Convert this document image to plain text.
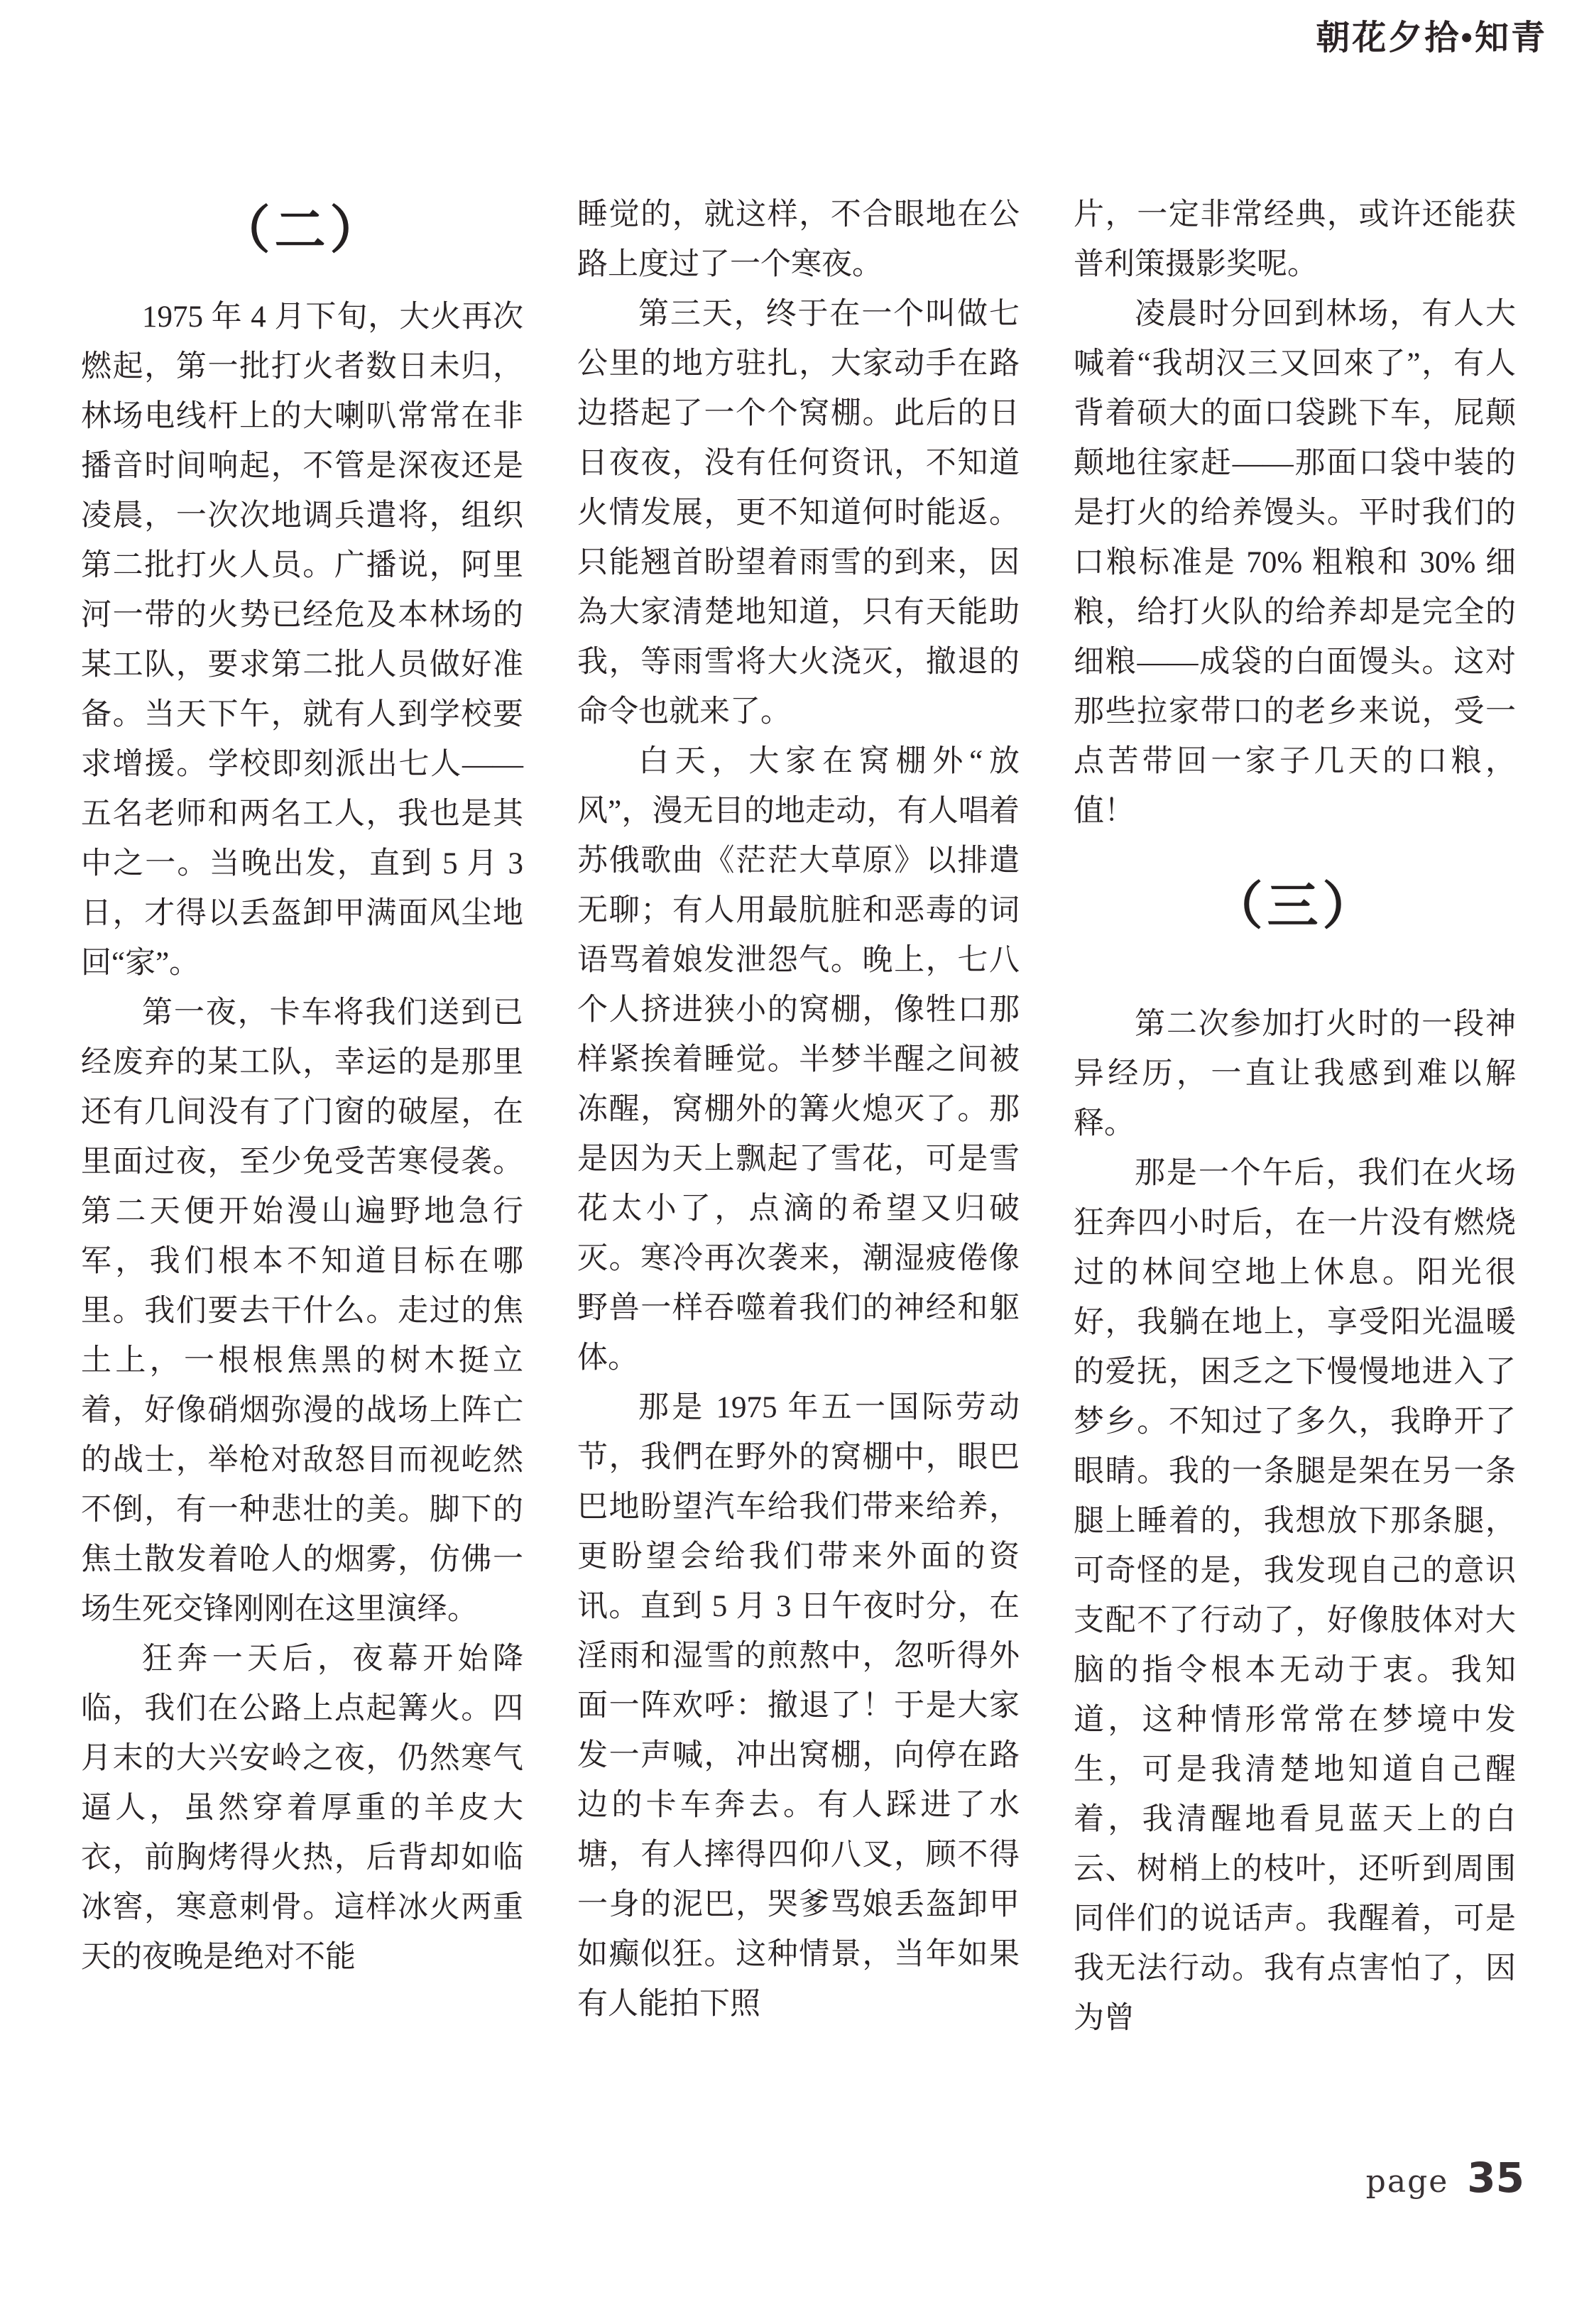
朝花夕拾•知青
（二）

1975 年 4 月下旬，大火再次燃起，第一批打火者数日未归，林场电线杆上的大喇叭常常在非播音时间响起，不管是深夜还是凌晨，一次次地调兵遣将，组织第二批打火人员。广播说，阿里河一带的火势已经危及本林场的某工队，要求第二批人员做好准备。当天下午，就有人到学校要求增援。学校即刻派出七人——五名老师和两名工人，我也是其中之一。当晚出发，直到 5 月 3 日，才得以丢盔卸甲满面风尘地回“家”。

第一夜，卡车将我们送到已经废弃的某工队，幸运的是那里还有几间没有了门窗的破屋，在里面过夜，至少免受苦寒侵袭。第二天便开始漫山遍野地急行军，我们根本不知道目标在哪里。我们要去干什么。走过的焦土上，一根根焦黑的树木挺立着，好像硝烟弥漫的战场上阵亡的战士，举枪对敌怒目而视屹然不倒，有一种悲壮的美。脚下的焦土散发着呛人的烟雾，仿佛一场生死交锋刚刚在这里演绎。

狂奔一天后，夜幕开始降临，我们在公路上点起篝火。四月末的大兴安岭之夜，仍然寒气逼人，虽然穿着厚重的羊皮大衣，前胸烤得火热，后背却如临冰窖，寒意刺骨。這样冰火两重天的夜晚是绝对不能

睡觉的，就这样，不合眼地在公路上度过了一个寒夜。

第三天，终于在一个叫做七公里的地方驻扎，大家动手在路边搭起了一个个窝棚。此后的日日夜夜，没有任何资讯，不知道火情发展，更不知道何时能返。只能翘首盼望着雨雪的到来，因為大家清楚地知道，只有天能助我，等雨雪将大火浇灭，撤退的命令也就来了。

白天，大家在窝棚外“放风”，漫无目的地走动，有人唱着苏俄歌曲《茫茫大草原》以排遣无聊；有人用最肮脏和恶毒的词语骂着娘发泄怨气。晚上，七八个人挤进狭小的窝棚，像牲口那样紧挨着睡觉。半梦半醒之间被冻醒，窝棚外的篝火熄灭了。那是因为天上飘起了雪花，可是雪花太小了，点滴的希望又归破灭。寒冷再次袭来，潮湿疲倦像野兽一样吞噬着我们的神经和躯体。

那是 1975 年五一国际劳动节，我們在野外的窝棚中，眼巴巴地盼望汽车给我们带来给养，更盼望会给我们带来外面的资讯。直到 5 月 3 日午夜时分，在淫雨和湿雪的煎熬中，忽听得外面一阵欢呼：撤退了！于是大家发一声喊，冲出窝棚，向停在路边的卡车奔去。有人踩进了水塘，有人摔得四仰八叉，顾不得一身的泥巴，哭爹骂娘丢盔卸甲如癫似狂。这种情景，当年如果有人能拍下照

片，一定非常经典，或许还能获普利策摄影奖呢。

凌晨时分回到林场，有人大喊着“我胡汉三又回來了”，有人背着硕大的面口袋跳下车，屁颠颠地往家赶——那面口袋中装的是打火的给养馒头。平时我们的口粮标准是 70% 粗粮和 30% 细粮，给打火队的给养却是完全的细粮——成袋的白面馒头。这对那些拉家带口的老乡来说，受一点苦带回一家子几天的口粮，值！

（三）

第二次参加打火时的一段神异经历，一直让我感到难以解释。

那是一个午后，我们在火场狂奔四小时后，在一片没有燃烧过的林间空地上休息。阳光很好，我躺在地上，享受阳光温暖的爱抚，困乏之下慢慢地进入了梦乡。不知过了多久，我睁开了眼睛。我的一条腿是架在另一条腿上睡着的，我想放下那条腿，可奇怪的是，我发现自己的意识支配不了行动了，好像肢体对大脑的指令根本无动于衷。我知道，这种情形常常在梦境中发生，可是我清楚地知道自己醒着，我清醒地看見蓝天上的白云、树梢上的枝叶，还听到周围同伴们的说话声。我醒着，可是我无法行动。我有点害怕了，因为曾

page 35
